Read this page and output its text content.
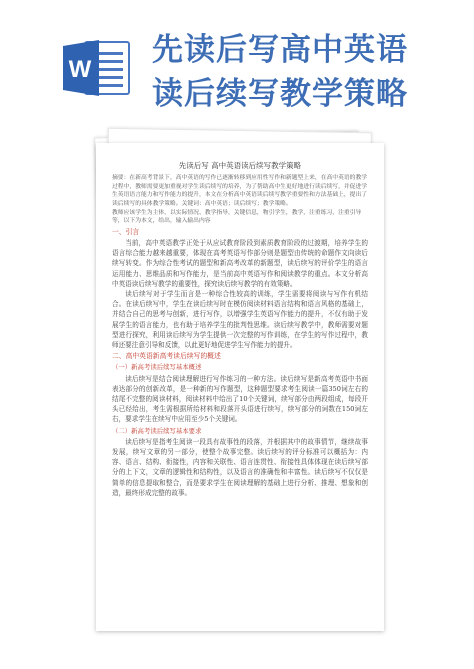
W
先读后写高中英语
读后续写教学策略
先读后写 高中英语读后续写教学策略
摘要：在新高考背景下，高中英语的写作已逐渐转移到应用性写作和新题型上来，在高中英语的教学过程中，教师需要更加重视对学生读后续写的培养，为了帮助高中生更好地进行读后续写，并促进学生英语语言能力和写作能力的提升，本文在分析高中英语读后续写教学重要性和方法基础上，提出了读后续写的具体教学策略。关键词：高中英语；读后续写；教学策略。
教师应该学生为主体，以实际情况、教学指导，关键信息，物引学生，教学，注重练习，注重引导等，以下为本文，给出，输入输出内容
一、引言
当前，高中英语教学正处于从应试教育阶段到素质教育阶段的过渡期，培养学生的语言综合能力越来越重要，体现在高考英语写作部分则是题型由传统的命题作文向读后续写转变。作为综合性考试的题型和新高考改革的新题型，读后续写的评价学生的语言运用能力、思维品质和写作能力，是当前高中英语写作和阅读教学的重点。本文分析高中英语读后续写教学的重要性，探究读后续写教学的有效策略。
读后续写对于学生而言是一种综合性较高的训练，学生需要将阅读与写作有机结合。在读后续写中，学生在读后续写时在模仿阅读材料语言结构和语言风格的基础上，并结合自己的思考与创新，进行写作，以增强学生英语写作能力的提升，不仅有助于发展学生的语言能力，也有助于培养学生的批判性思维。读后续写教学中，教师需要对题型进行探究，利用读后续写为学生提供一次完整的写作训练，在学生的写作过程中，教师还要注意引导和反馈，以此更好地促进学生写作能力的提升。
二、高中英语新高考读后续写的概述
（一）新高考读后续写基本概述
读后续写是结合阅读理解进行写作练习的一种方法。读后续写是新高考英语中书面表达部分的创新改革，是一种新的写作题型，这种题型要求考生阅读一篇350词左右的结尾不完整的阅读材料，阅读材料中给出了10个关键词，续写部分由两段组成，每段开头已经给出，考生需根据所给材料和段落开头语进行续写，续写部分的词数在150词左右，要求学生在续写中应用至少5个关键词。
（二）新高考读后续写基本要求
读后续写是指考生阅读一段具有故事性的段落，并根据其中的故事情节，继续故事发展，续写文章的另一部分，使整个故事完整。读后续写的评分标准可以概括为：内容、语言、结构、衔接性，内容和关联性、语言连贯性、衔接性具体体现在读后续写部分的上下文，文章的逻辑性和结构性，以及语言的准确性和丰富性。读后续写不仅仅是简单的信息提取和整合，而是要求学生在阅读理解的基础上进行分析、推理、想象和创造，最终形成完整的故事。
